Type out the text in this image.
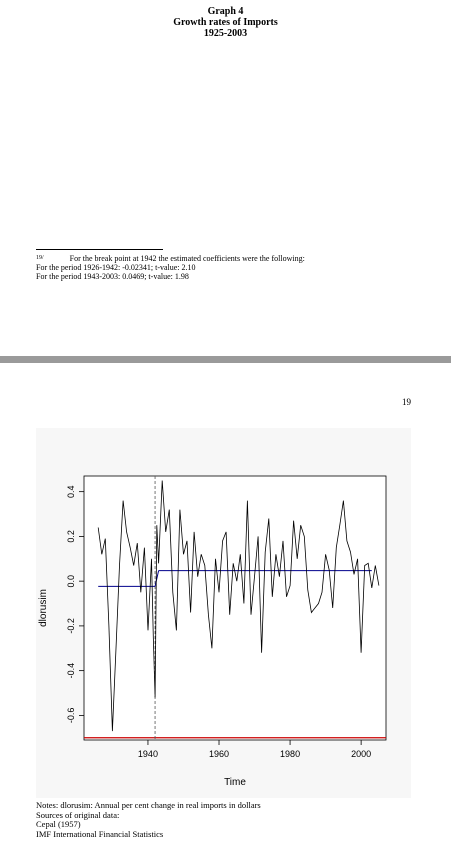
Graph 4
Growth rates of Imports
1925-2003
$^{19/}$	For the break point at 1942 the estimated coefficients were the following:
For the period 1926-1942: -0.02341; t-value: 2.10
For the period 1943-2003: 0.0469; t-value: 1.98
19
1940	1960	1980	2000
-0.6
-0.4
-0.2
0.0
0.2
0.4
Time
dlorusim
Notes: dlorusim: Annual per cent change in real imports in dollars
Sources of original data:
Cepal (1957)
IMF International Financial Statistics
